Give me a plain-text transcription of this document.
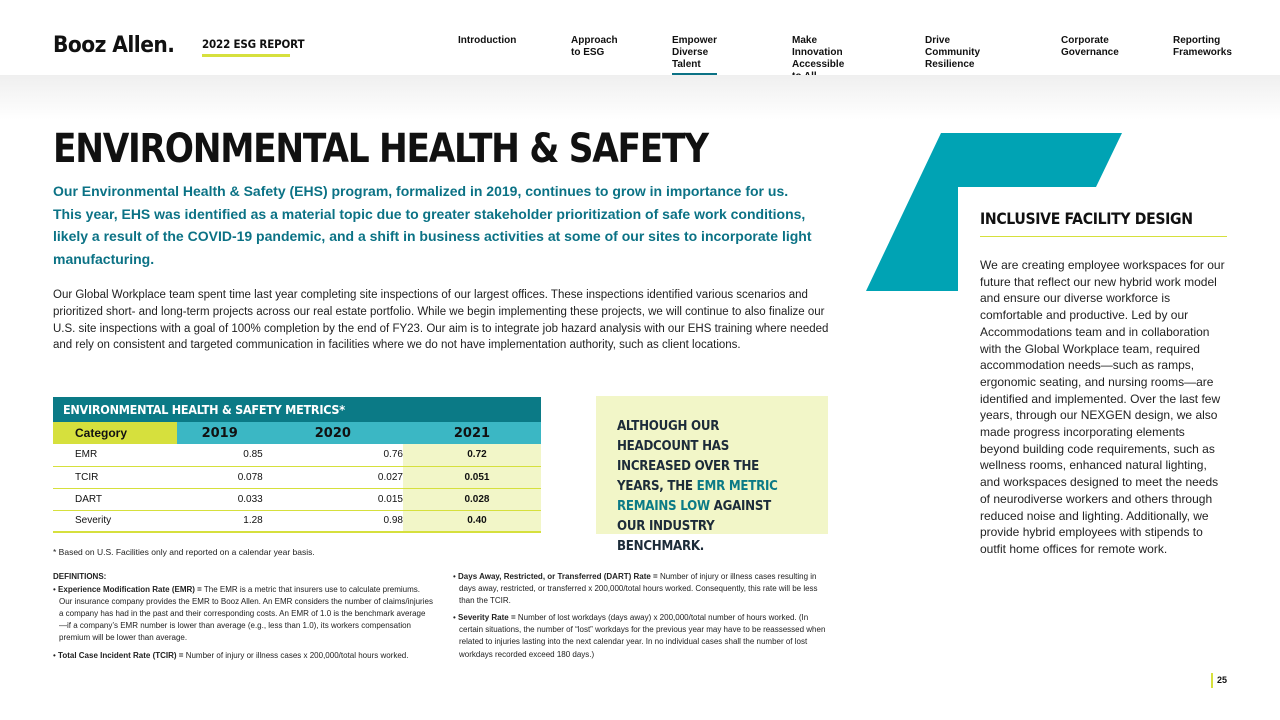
Booz Allen. 2022 ESG REPORT	Introduction	Approach
to ESG
Empower
Diverse Talent
Make Innovation
Accessible
Drive Community
Resilience
Corporate
Governance
Reporting
Frameworks
ENVIRONMENTAL HEALTH & SAFETY

Our Environmental Health & Safety (EHS) program, formalized in 2019, continues to grow in importance for us. This year, EHS was identified as a material topic due to greater stakeholder prioritization of safe work conditions, likely a result of the COVID-19 pandemic, and a shift in business activities at some of our sites to incorporate light manufacturing.

Our Global Workplace team spent time last year completing site inspections of our largest offices. These inspections identified various scenarios and prioritized short- and long-term projects across our real estate portfolio. While we begin implementing these projects, we will continue to also finalize our U.S. site inspections with a goal of 100% completion by the end of FY23. Our aim is to integrate job hazard analysis with our EHS training where needed and rely on consistent and targeted communication in facilities where we do not have implementation authority, such as client locations.

ENVIRONMENTAL HEALTH & SAFETY METRICS*
Category	2019	2020	2021
EMR	0.85	0.76	0.72
TCIR	0.078	0.027	0.051
DART	0.033	0.015	0.028
Severity	1.28	0.98	0.40
ALTHOUGH OUR HEADCOUNT HAS INCREASED OVER THE YEARS, THE EMR METRIC REMAINS LOW AGAINST OUR INDUSTRY BENCHMARK.
* Based on U.S. Facilities only and reported on a calendar year basis.
DEFINITIONS:
• Experience Modification Rate (EMR) = The EMR is a metric that insurers use to calculate premiums. Our insurance company provides the EMR to Booz Allen. An EMR considers the number of claims/injuries a company has had in the past and their corresponding costs. An EMR of 1.0 is the benchmark average—if a company’s EMR number is lower than average (e.g., less than 1.0), its workers compensation premium will be lower than average.
• Total Case Incident Rate (TCIR) = Number of injury or illness cases x 200,000/total hours worked.
• Days Away, Restricted, or Transferred (DART) Rate = Number of injury or illness cases resulting in days away, restricted, or transferred x 200,000/total hours worked. Consequently, this rate will be less than the TCIR.
• Severity Rate = Number of lost workdays (days away) x 200,000/total number of hours worked. (In certain situations, the number of “lost” workdays for the previous year may have to be reassessed when related to injuries lasting into the next calendar year. In no individual cases shall the number of lost workdays recorded exceed 180 days.)
INCLUSIVE FACILITY DESIGN

We are creating employee workspaces for our future that reflect our new hybrid work model and ensure our diverse workforce is comfortable and productive. Led by our Accommodations team and in collaboration with the Global Workplace team, required accommodation needs—such as ramps, ergonomic seating, and nursing rooms—are identified and implemented. Over the last few years, through our NEXGEN design, we also made progress incorporating elements beyond building code requirements, such as wellness rooms, enhanced natural lighting, and workspaces designed to meet the needs of neurodiverse workers and others through reduced noise and lighting. Additionally, we provide hybrid employees with stipends to outfit home offices for remote work.

25
